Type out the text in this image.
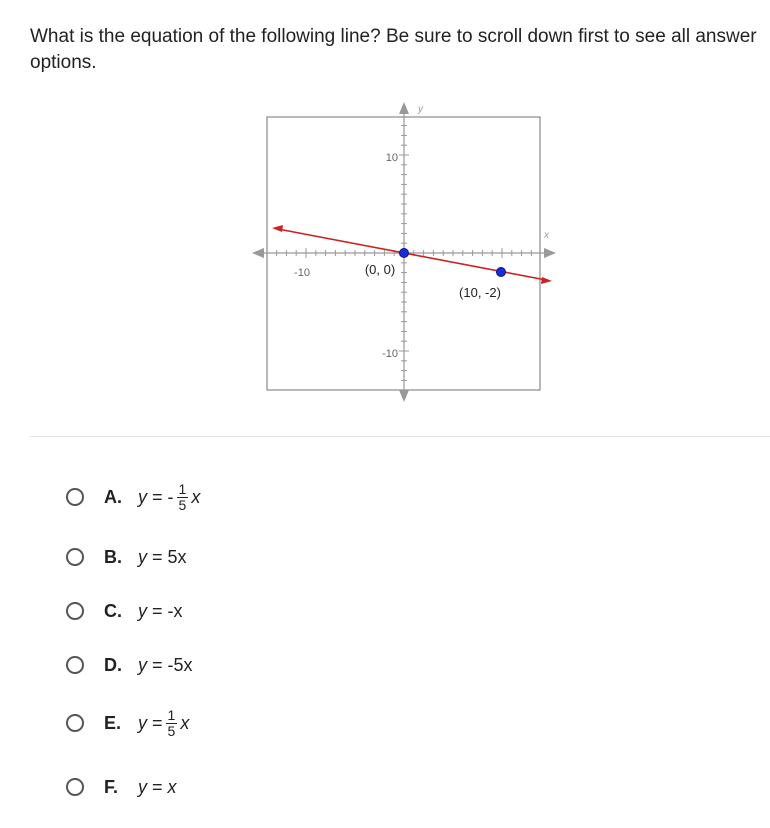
What is the equation of the following line? Be sure to scroll down first to see all answer options.
10
-10
-10
y
x
(0, 0)
(10, -2)
A. y = - $\frac{1}{5}$ x
B. y = 5x
C. y = -x
D. y = -5x
E. $y = \frac{1}{5}$ x
F.	y = x
